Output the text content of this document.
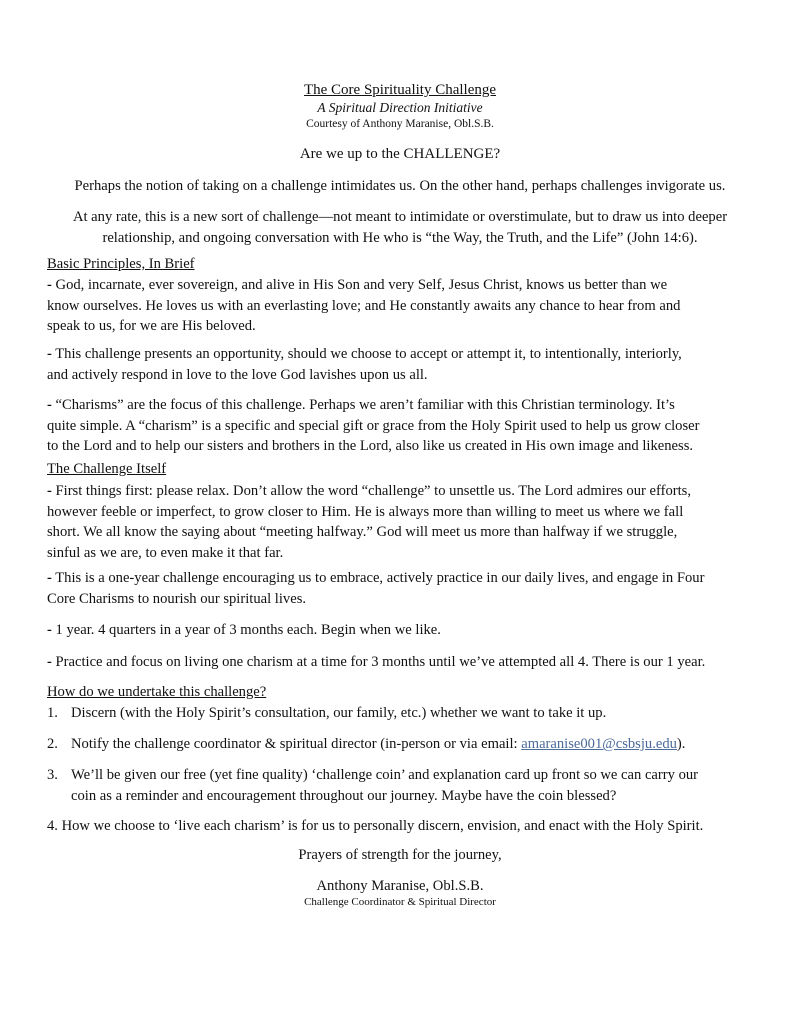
The Core Spirituality Challenge
A Spiritual Direction Initiative
Courtesy of Anthony Maranise, Obl.S.B.
Are we up to the CHALLENGE?
Perhaps the notion of taking on a challenge intimidates us. On the other hand, perhaps challenges invigorate us.
At any rate, this is a new sort of challenge—not meant to intimidate or overstimulate, but to draw us into deeper
relationship, and ongoing conversation with He who is “the Way, the Truth, and the Life” (John 14:6).
Basic Principles, In Brief
- God, incarnate, ever sovereign, and alive in His Son and very Self, Jesus Christ, knows us better than we
know ourselves. He loves us with an everlasting love; and He constantly awaits any chance to hear from and
speak to us, for we are His beloved.
- This challenge presents an opportunity, should we choose to accept or attempt it, to intentionally, interiorly,
and actively respond in love to the love God lavishes upon us all.
- “Charisms” are the focus of this challenge. Perhaps we aren’t familiar with this Christian terminology. It’s
quite simple. A “charism” is a specific and special gift or grace from the Holy Spirit used to help us grow closer
to the Lord and to help our sisters and brothers in the Lord, also like us created in His own image and likeness.
The Challenge Itself
- First things first: please relax. Don’t allow the word “challenge” to unsettle us. The Lord admires our efforts,
however feeble or imperfect, to grow closer to Him. He is always more than willing to meet us where we fall
short. We all know the saying about “meeting halfway.” God will meet us more than halfway if we struggle,
sinful as we are, to even make it that far.
- This is a one-year challenge encouraging us to embrace, actively practice in our daily lives, and engage in Four
Core Charisms to nourish our spiritual lives.
- 1 year. 4 quarters in a year of 3 months each. Begin when we like.
- Practice and focus on living one charism at a time for 3 months until we’ve attempted all 4. There is our 1 year.
How do we undertake this challenge?
1. Discern (with the Holy Spirit’s consultation, our family, etc.) whether we want to take it up.
2. Notify the challenge coordinator & spiritual director (in-person or via email: amaranise001@csbsju.edu).
3. We’ll be given our free (yet fine quality) ‘challenge coin’ and explanation card up front so we can carry our
coin as a reminder and encouragement throughout our journey. Maybe have the coin blessed?
4. How we choose to ‘live each charism’ is for us to personally discern, envision, and enact with the Holy Spirit.
Prayers of strength for the journey,
Anthony Maranise, Obl.S.B.
Challenge Coordinator & Spiritual Director
